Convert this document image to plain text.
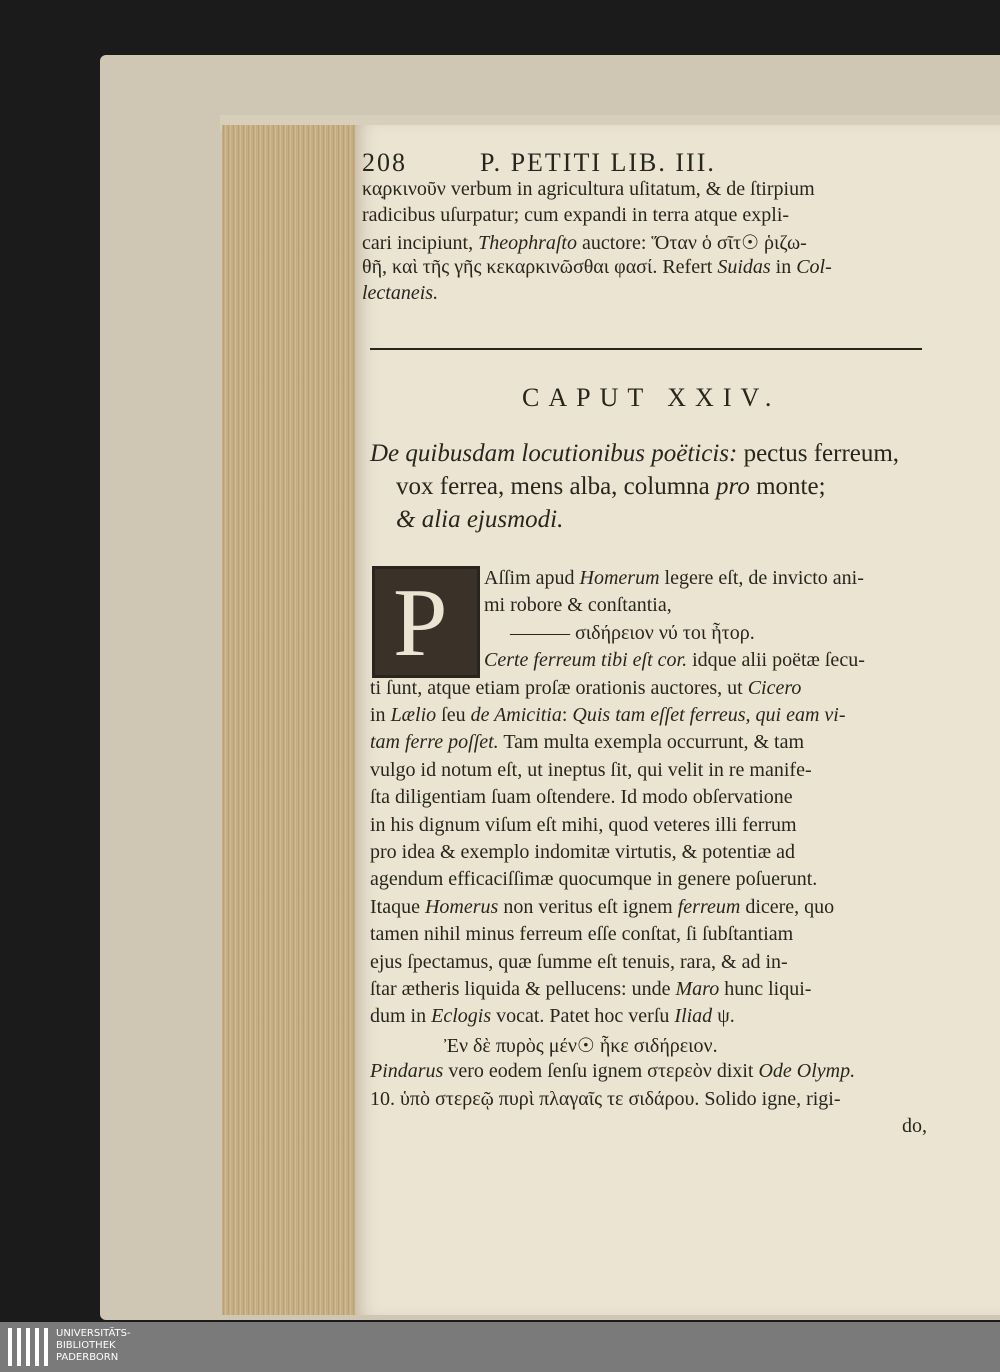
208	P. PETITI LIB. III.
κα̣ρκινοῦν verbum in agricultura uſitatum, & de ſtirpium
radicibus uſurpatur; cum expandi in terra atque expli-
cari incipiunt, Theophraſto auctore: Ὅταν ὁ σῖτ☉ ῥιζω-
θῆ, καὶ τῆς γῆς κεκαρκινῶσθαι φασί. Refert Suidas in Col-
lectaneis.
CAPUT XXIV.
De quibusdam locutionibus poëticis: pectus ferreum,
vox ferrea, mens alba, columna pro monte;
& alia ejusmodi.
P Aſſim apud Homerum legere eſt, de invicto ani-
mi robore & conſtantia,
——— σιδήρειον νύ τοι ἦτορ.
Certe ferreum tibi eſt cor. idque alii poëtæ ſecu-
ti ſunt, atque etiam proſæ orationis auctores, ut Cicero
in Lælio ſeu de Amicitia: Quis tam eſſet ferreus, qui eam vi-
tam ferre poſſet. Tam multa exempla occurrunt, & tam
vulgo id notum eſt, ut ineptus ſit, qui velit in re manife-
ſta diligentiam ſuam oſtendere. Id modo obſervatione
in his dignum viſum eſt mihi, quod veteres illi ferrum
pro idea & exemplo indomitæ virtutis, & potentiæ ad
agendum efficaciſſimæ quocumque in genere poſuerunt.
Itaque Homerus non veritus eſt ignem ferreum dicere, quo
tamen nihil minus ferreum eſſe conſtat, ſi ſubſtantiam
ejus ſpectamus, quæ ſumme eſt tenuis, rara, & ad in-
ſtar ætheris liquida & pellucens: unde Maro hunc liqui-
dum in Eclogis vocat. Patet hoc verſu Iliad ψ.
Ἐν δὲ πυρὸς μέν☉ ἧκε σιδήρειον.
Pindarus vero eodem ſenſu ignem στερεὸν dixit Ode Olymp.
10. ὑπὸ στερεῷ πυρὶ πλαγαῖς τε σιδάρου. Solido igne, rigi-
do,
UNIVERSITÄTS-
BIBLIOTHEK
PADERBORN
